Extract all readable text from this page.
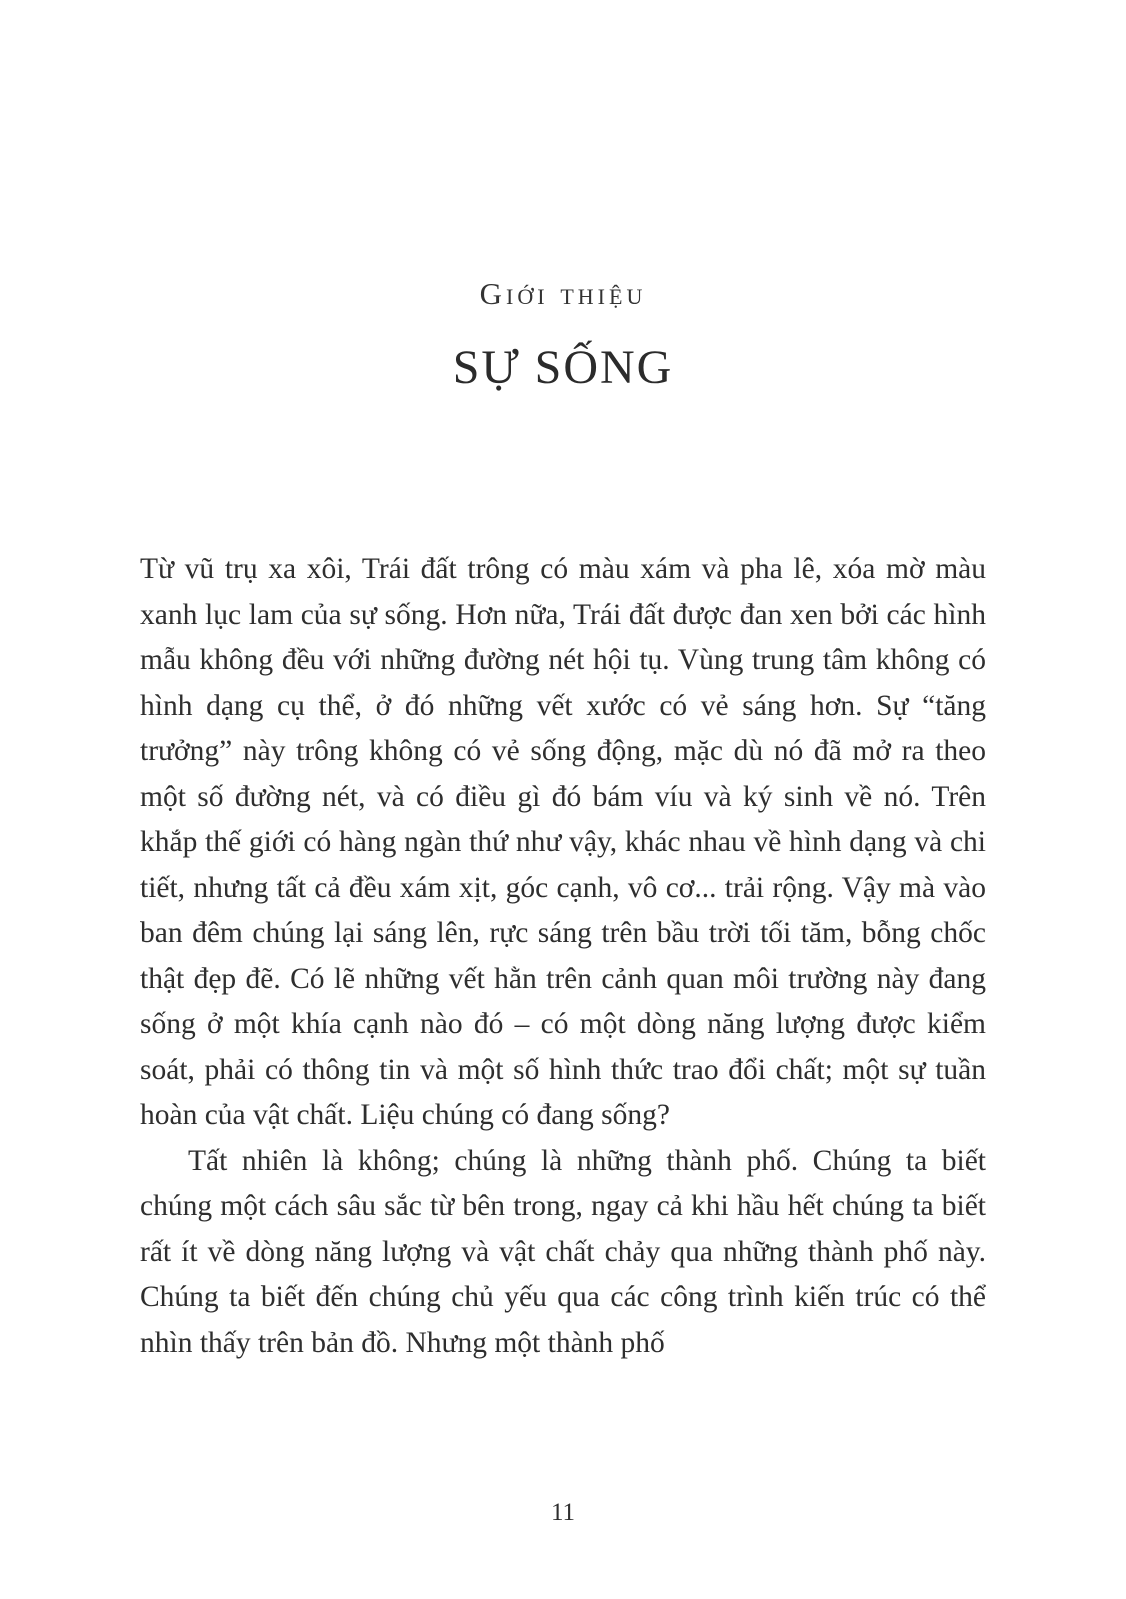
Giới thiệu
SỰ SỐNG

Từ vũ trụ xa xôi, Trái đất trông có màu xám và pha lê, xóa mờ màu xanh lục lam của sự sống. Hơn nữa, Trái đất được đan xen bởi các hình mẫu không đều với những đường nét hội tụ. Vùng trung tâm không có hình dạng cụ thể, ở đó những vết xước có vẻ sáng hơn. Sự “tăng trưởng” này trông không có vẻ sống động, mặc dù nó đã mở ra theo một số đường nét, và có điều gì đó bám víu và ký sinh về nó. Trên khắp thế giới có hàng ngàn thứ như vậy, khác nhau về hình dạng và chi tiết, nhưng tất cả đều xám xịt, góc cạnh, vô cơ... trải rộng. Vậy mà vào ban đêm chúng lại sáng lên, rực sáng trên bầu trời tối tăm, bỗng chốc thật đẹp đẽ. Có lẽ những vết hằn trên cảnh quan môi trường này đang sống ở một khía cạnh nào đó – có một dòng năng lượng được kiểm soát, phải có thông tin và một số hình thức trao đổi chất; một sự tuần hoàn của vật chất. Liệu chúng có đang sống?

Tất nhiên là không; chúng là những thành phố. Chúng ta biết chúng một cách sâu sắc từ bên trong, ngay cả khi hầu hết chúng ta biết rất ít về dòng năng lượng và vật chất chảy qua những thành phố này. Chúng ta biết đến chúng chủ yếu qua các công trình kiến trúc có thể nhìn thấy trên bản đồ. Nhưng một thành phố

11
